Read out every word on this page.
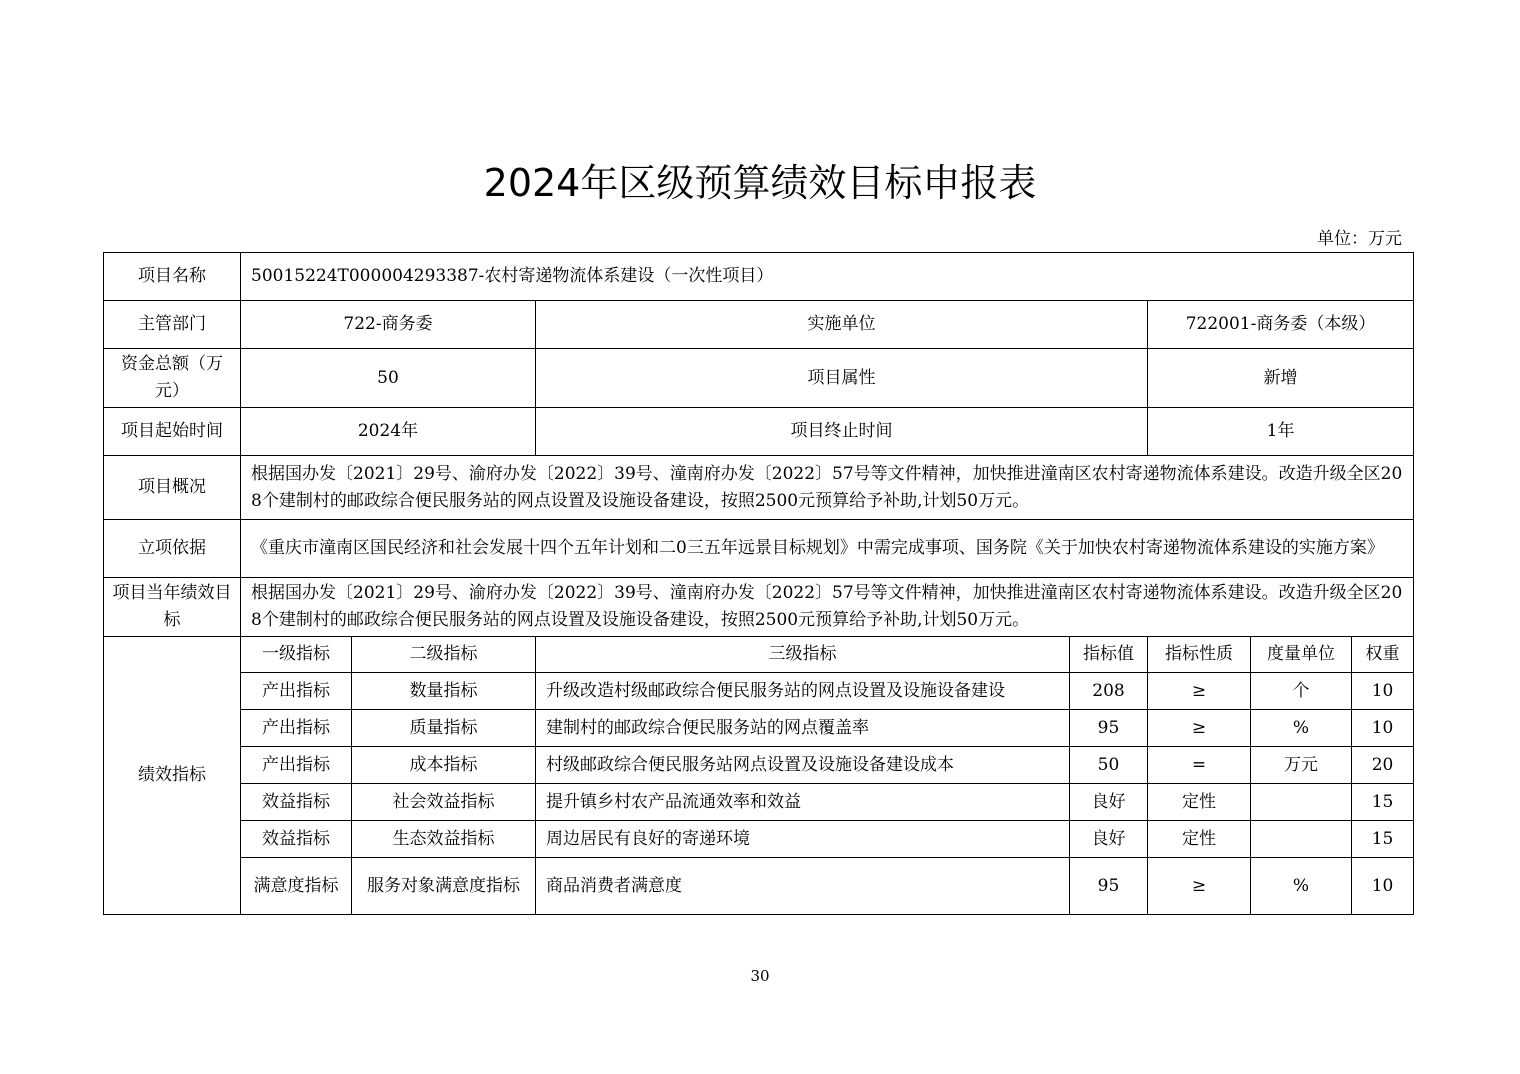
2024年区级预算绩效目标申报表
单位：万元
项目名称	50015224T000004293387-农村寄递物流体系建设（一次性项目）						
主管部门	722-商务委		实施单位		722001-商务委（本级）		
资金总额（万元）	50		项目属性		新增		
项目起始时间	2024年		项目终止时间		1年		
项目概况	根据国办发〔2021〕29号、渝府办发〔2022〕39号、潼南府办发〔2022〕57号等文件精神，加快推进潼南区农村寄递物流体系建设。改造升级全区208个建制村的邮政综合便民服务站的网点设置及设施设备建设，按照2500元预算给予补助,计划50万元。						
立项依据	《重庆市潼南区国民经济和社会发展十四个五年计划和二0三五年远景目标规划》中需完成事项、国务院《关于加快农村寄递物流体系建设的实施方案》						
项目当年绩效目标	根据国办发〔2021〕29号、渝府办发〔2022〕39号、潼南府办发〔2022〕57号等文件精神，加快推进潼南区农村寄递物流体系建设。改造升级全区208个建制村的邮政综合便民服务站的网点设置及设施设备建设，按照2500元预算给予补助,计划50万元。						
绩效指标	一级指标	二级指标	三级指标	指标值	指标性质	度量单位	权重
	产出指标	数量指标	升级改造村级邮政综合便民服务站的网点设置及设施设备建设	208	≥	个	10
	产出指标	质量指标	建制村的邮政综合便民服务站的网点覆盖率	95	≥	%	10
	产出指标	成本指标	村级邮政综合便民服务站网点设置及设施设备建设成本	50	=	万元	20
	效益指标	社会效益指标	提升镇乡村农产品流通效率和效益	良好	定性		15
	效益指标	生态效益指标	周边居民有良好的寄递环境	良好	定性		15
	满意度指标	服务对象满意度指标	商品消费者满意度	95	≥	%	10
30
